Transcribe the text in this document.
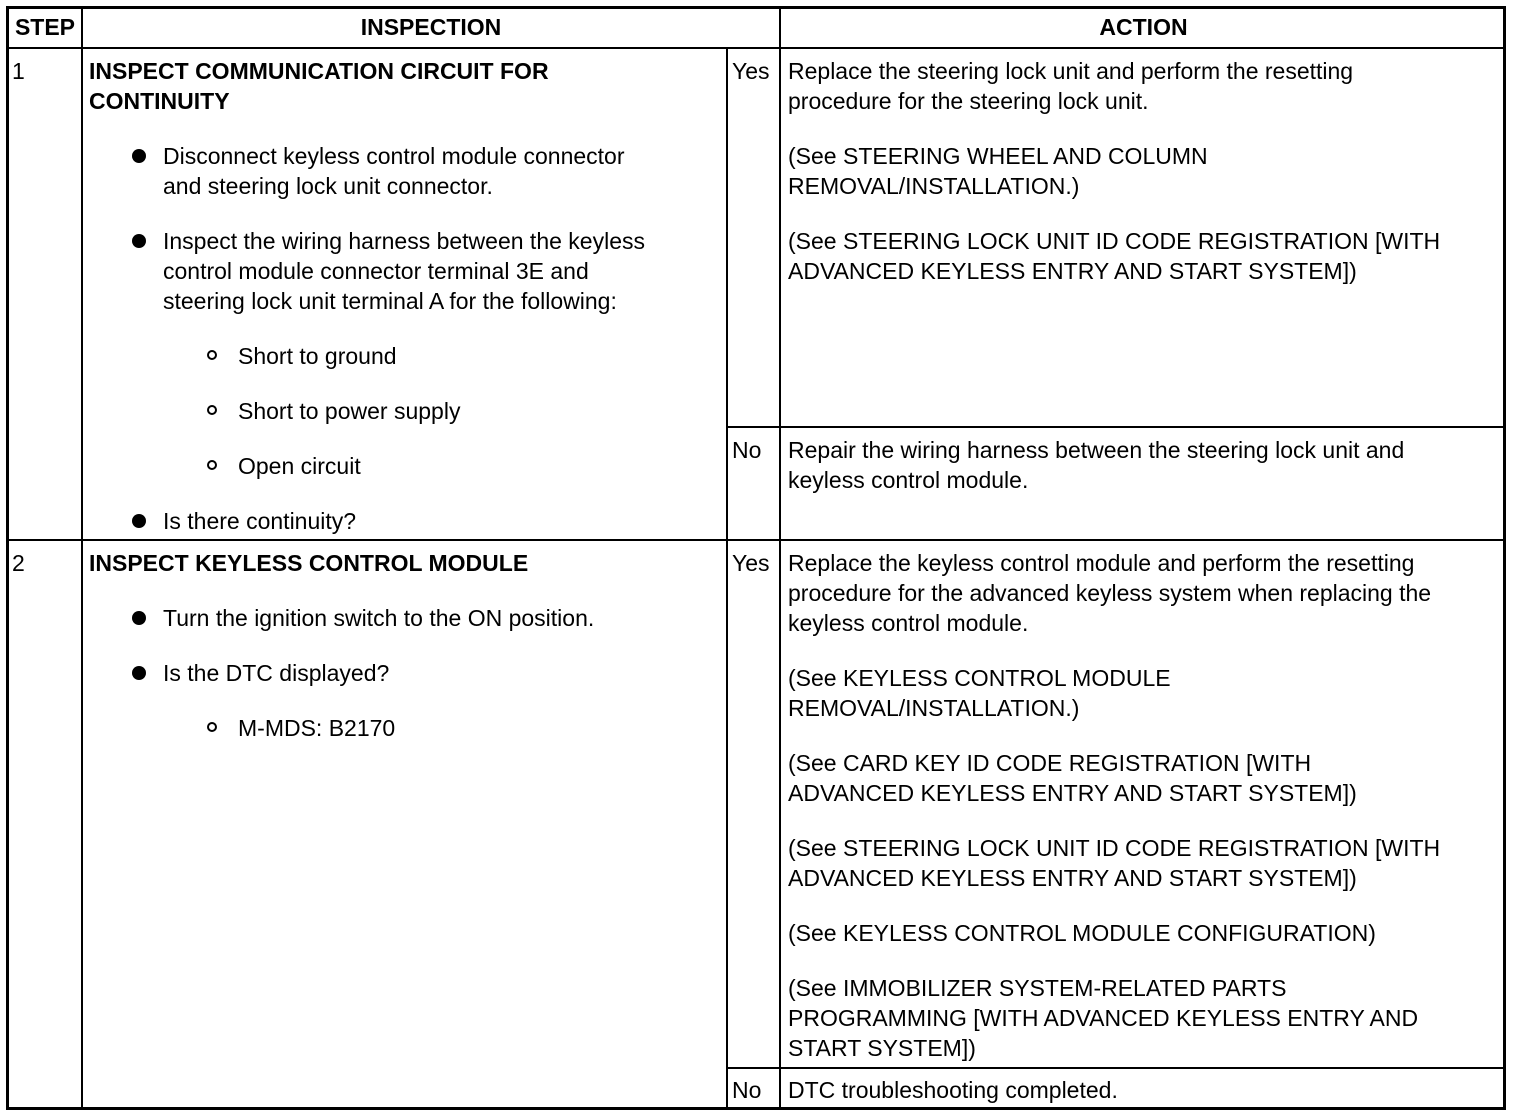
STEP	INSPECTION	ACTION
1	INSPECT COMMUNICATION CIRCUIT FOR
CONTINUITY
Disconnect keyless control module connector
and steering lock unit connector.
Inspect the wiring harness between the keyless
control module connector terminal 3E and
steering lock unit terminal A for the following:
Short to ground
Short to power supply
Open circuit
Is there continuity?
Yes Replace the steering lock unit and perform the resetting
procedure for the steering lock unit.
(See STEERING WHEEL AND COLUMN
REMOVAL/INSTALLATION.)
(See STEERING LOCK UNIT ID CODE REGISTRATION [WITH
ADVANCED KEYLESS ENTRY AND START SYSTEM])
No Repair the wiring harness between the steering lock unit and
keyless control module.
2	INSPECT KEYLESS CONTROL MODULE
Turn the ignition switch to the ON position.
Is the DTC displayed?
M-MDS: B2170
Yes Replace the keyless control module and perform the resetting
procedure for the advanced keyless system when replacing the
keyless control module.
(See KEYLESS CONTROL MODULE
REMOVAL/INSTALLATION.)
(See CARD KEY ID CODE REGISTRATION [WITH
ADVANCED KEYLESS ENTRY AND START SYSTEM])
(See STEERING LOCK UNIT ID CODE REGISTRATION [WITH
ADVANCED KEYLESS ENTRY AND START SYSTEM])
(See KEYLESS CONTROL MODULE CONFIGURATION)
(See IMMOBILIZER SYSTEM-RELATED PARTS
PROGRAMMING [WITH ADVANCED KEYLESS ENTRY AND
START SYSTEM])
No DTC troubleshooting completed.
